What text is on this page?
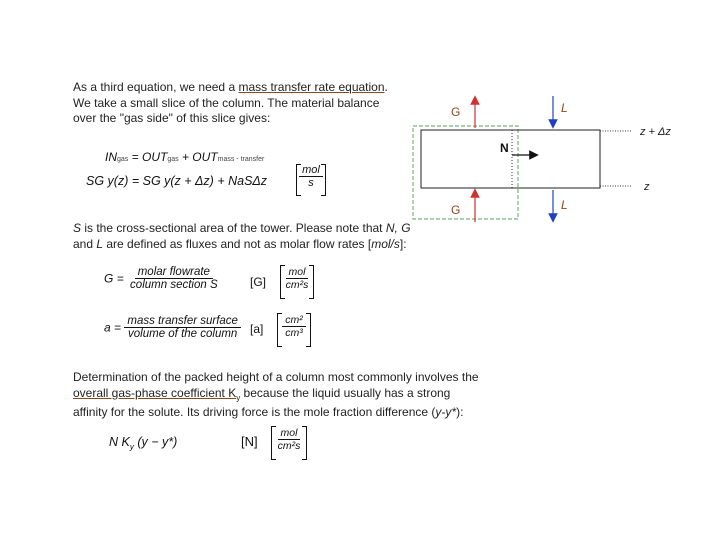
As a third equation, we need a mass transfer rate equation.
We take a small slice of the column. The material balance
over the "gas side" of this slice gives:
L
G
N
G	L
z + Δz
z
INgas = OUTgas + OUTmass - transfer
SG y(z) = SG y(z + Δz) + NaSΔz
mol
s
S is the cross-sectional area of the tower. Please note that N, G and L are defined as fluxes and not as molar flow rates [mol/s]:
$G = \frac{\text{molar flowrate}}{\text{column section S}} [G]$
mol
cm²s
$a = \frac{\text{mass transfer surface}}{\text{volume of the column}} [a] \frac{\text{cm²}}{\text{cm³}}$
Determination of the packed height of a column most commonly involves the
overall gas-phase coefficient $K_y$ because the liquid usually has a strong
affinity for the solute. Its driving force is the mole fraction difference (y-y*):
N $K_y$ (y − y*)	[N]
mol
cm²s
